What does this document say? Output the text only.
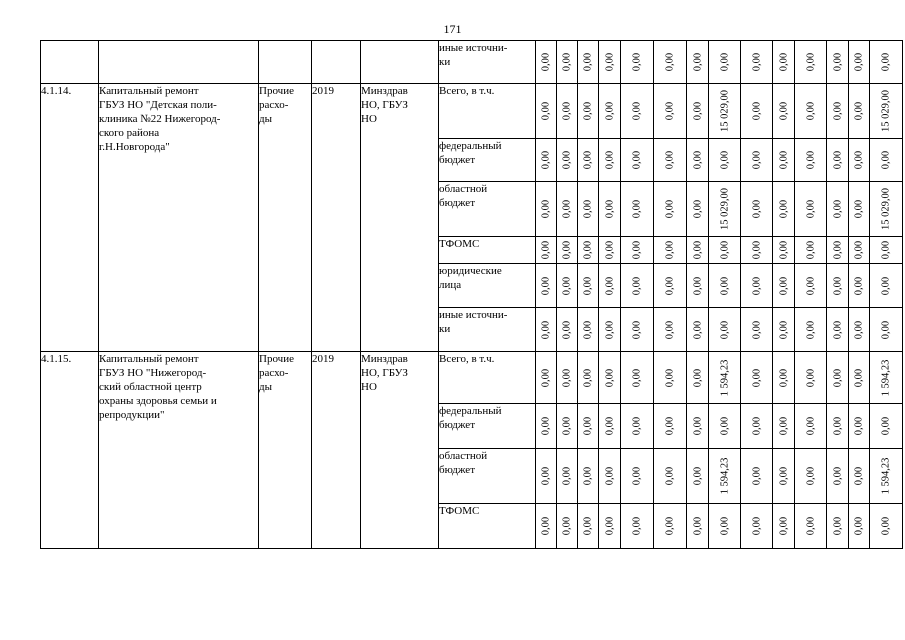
171
					иные источни-
ки	0,00	0,00	0,00	0,00	0,00	0,00	0,00	0,00	0,00	0,00	0,00	0,00	0,00	0,00

4.1.14.	Капитальный ремонт
ГБУЗ НО "Детская поли-
клиника №22 Нижегород-
ского района
г.Н.Новгорода"	Прочие
расхо-
ды	2019	Минздрав
НО, ГБУЗ
НО	Всего, в т.ч.	0,00	0,00	0,00	0,00	0,00	0,00	0,00	15 029,00	0,00	0,00	0,00	0,00	0,00	15 029,00

					федеральный
бюджет	0,00	0,00	0,00	0,00	0,00	0,00	0,00	0,00	0,00	0,00	0,00	0,00	0,00	0,00

					областной
бюджет	0,00	0,00	0,00	0,00	0,00	0,00	0,00	15 029,00	0,00	0,00	0,00	0,00	0,00	15 029,00

					ТФОМС	0,00	0,00	0,00	0,00	0,00	0,00	0,00	0,00	0,00	0,00	0,00	0,00	0,00	0,00

					юридические
лица	0,00	0,00	0,00	0,00	0,00	0,00	0,00	0,00	0,00	0,00	0,00	0,00	0,00	0,00

					иные источни-
ки	0,00	0,00	0,00	0,00	0,00	0,00	0,00	0,00	0,00	0,00	0,00	0,00	0,00	0,00

4.1.15.	Капитальный ремонт
ГБУЗ НО "Нижегород-
ский областной центр
охраны здоровья семьи и
репродукции"	Прочие
расхо-
ды	2019	Минздрав
НО, ГБУЗ
НО	Всего, в т.ч.	0,00	0,00	0,00	0,00	0,00	0,00	0,00	1 594,23	0,00	0,00	0,00	0,00	0,00	1 594,23

					федеральный
бюджет	0,00	0,00	0,00	0,00	0,00	0,00	0,00	0,00	0,00	0,00	0,00	0,00	0,00	0,00

					областной
бюджет	0,00	0,00	0,00	0,00	0,00	0,00	0,00	1 594,23	0,00	0,00	0,00	0,00	0,00	1 594,23

					ТФОМС	0,00	0,00	0,00	0,00	0,00	0,00	0,00	0,00	0,00	0,00	0,00	0,00	0,00	0,00
